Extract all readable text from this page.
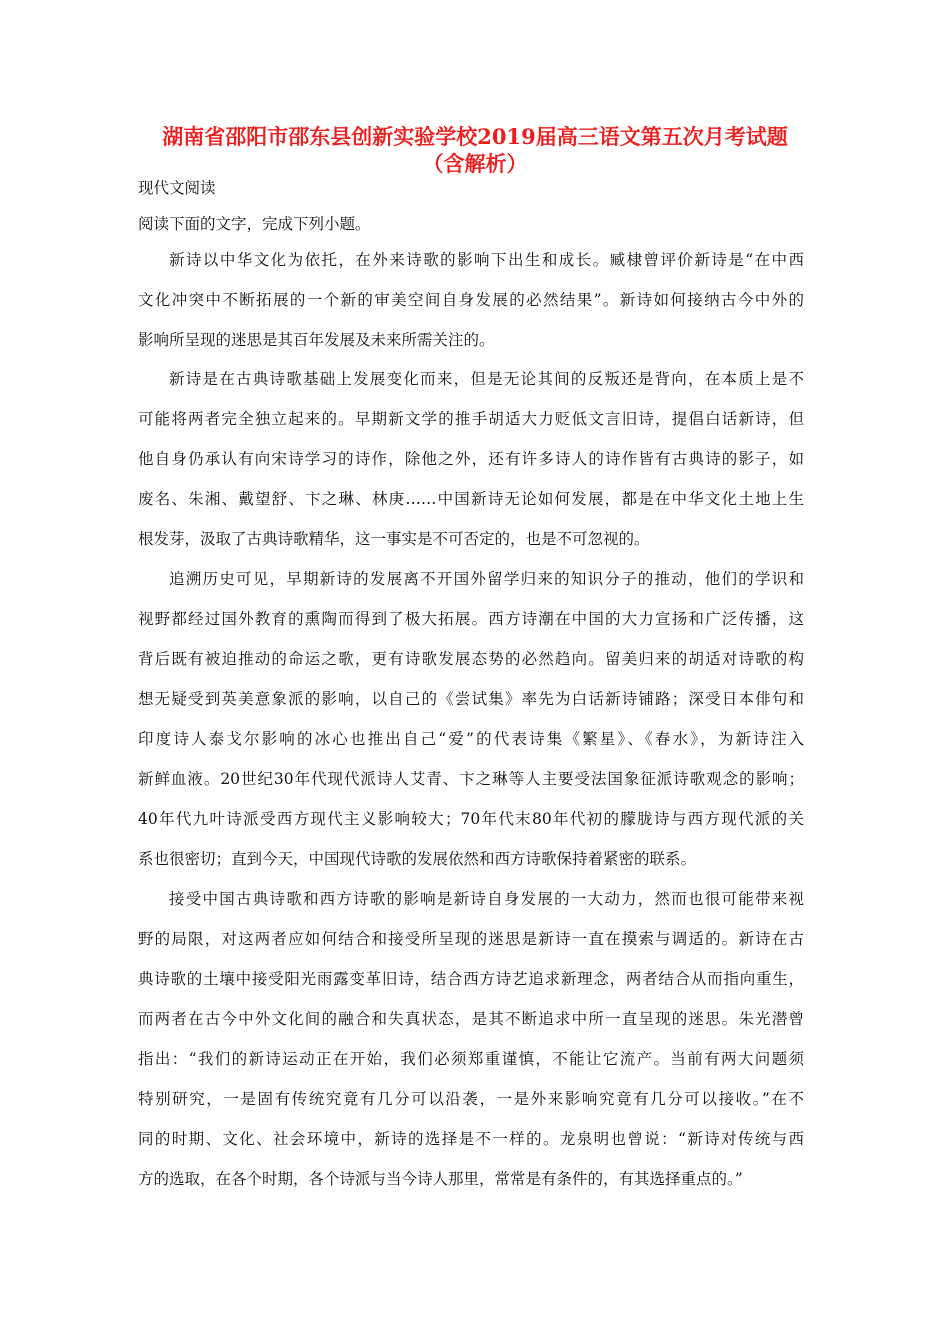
湖南省邵阳市邵东县创新实验学校2019届高三语文第五次月考试题
（含解析）
现代文阅读
阅读下面的文字，完成下列小题。
新诗以中华文化为依托，在外来诗歌的影响下出生和成长。臧棣曾评价新诗是“在中西
文化冲突中不断拓展的一个新的审美空间自身发展的必然结果”。新诗如何接纳古今中外的
影响所呈现的迷思是其百年发展及未来所需关注的。
新诗是在古典诗歌基础上发展变化而来，但是无论其间的反叛还是背向，在本质上是不
可能将两者完全独立起来的。早期新文学的推手胡适大力贬低文言旧诗，提倡白话新诗，但
他自身仍承认有向宋诗学习的诗作，除他之外，还有许多诗人的诗作皆有古典诗的影子，如
废名、朱湘、戴望舒、卞之琳、林庚……中国新诗无论如何发展，都是在中华文化土地上生
根发芽，汲取了古典诗歌精华，这一事实是不可否定的，也是不可忽视的。
追溯历史可见，早期新诗的发展离不开国外留学归来的知识分子的推动，他们的学识和
视野都经过国外教育的熏陶而得到了极大拓展。西方诗潮在中国的大力宣扬和广泛传播，这
背后既有被迫推动的命运之歌，更有诗歌发展态势的必然趋向。留美归来的胡适对诗歌的构
想无疑受到英美意象派的影响，以自己的《尝试集》率先为白话新诗铺路；深受日本俳句和
印度诗人泰戈尔影响的冰心也推出自己“爱”的代表诗集《繁星》、《春水》，为新诗注入
新鲜血液。20世纪30年代现代派诗人艾青、卞之琳等人主要受法国象征派诗歌观念的影响；
40年代九叶诗派受西方现代主义影响较大；70年代末80年代初的朦胧诗与西方现代派的关
系也很密切；直到今天，中国现代诗歌的发展依然和西方诗歌保持着紧密的联系。
接受中国古典诗歌和西方诗歌的影响是新诗自身发展的一大动力，然而也很可能带来视
野的局限，对这两者应如何结合和接受所呈现的迷思是新诗一直在摸索与调适的。新诗在古
典诗歌的土壤中接受阳光雨露变革旧诗，结合西方诗艺追求新理念，两者结合从而指向重生，
而两者在古今中外文化间的融合和失真状态，是其不断追求中所一直呈现的迷思。朱光潜曾
指出：“我们的新诗运动正在开始，我们必须郑重谨慎，不能让它流产。当前有两大问题须
特别研究，一是固有传统究竟有几分可以沿袭，一是外来影响究竟有几分可以接收。”在不
同的时期、文化、社会环境中，新诗的选择是不一样的。龙泉明也曾说：“新诗对传统与西
方的选取，在各个时期，各个诗派与当今诗人那里，常常是有条件的，有其选择重点的。”
